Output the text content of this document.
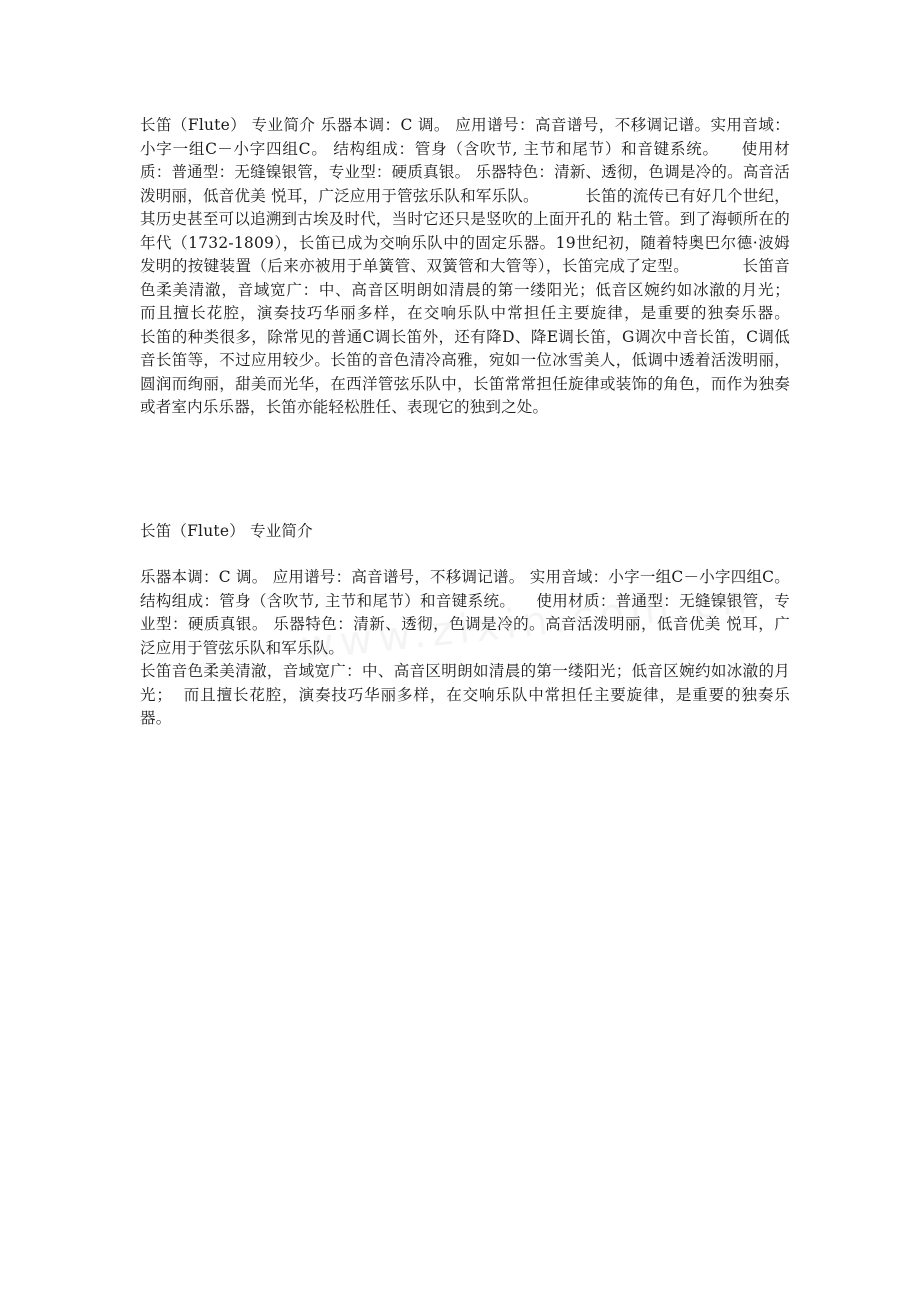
长笛（Flute） 专业简介 乐器本调：C 调。 应用谱号：高音谱号，不移调记谱。实用音域：小字一组C－小字四组C。 结构组成：管身（含吹节, 主节和尾节）和音键系统。    使用材质：普通型：无缝镍银管，专业型：硬质真银。 乐器特色：清新、透彻，色调是冷的。高音活泼明丽，低音优美 悦耳，广泛应用于管弦乐队和军乐队。         长笛的流传已有好几个世纪，其历史甚至可以追溯到古埃及时代，当时它还只是竖吹的上面开孔的 粘土管。到了海顿所在的年代（1732-1809），长笛已成为交响乐队中的固定乐器。19世纪初，随着特奥巴尔德·波姆发明的按键装置（后来亦被用于单簧管、双簧管和大管等），长笛完成了定型。          长笛音色柔美清澈，音域宽广：中、高音区明朗如清晨的第一缕阳光；低音区婉约如冰澈的月光；  而且擅长花腔，演奏技巧华丽多样，在交响乐队中常担任主要旋律，是重要的独奏乐器。          长笛的种类很多，除常见的普通C调长笛外，还有降D、降E调长笛，G调次中音长笛，C调低音长笛等，不过应用较少。长笛的音色清冷高雅，宛如一位冰雪美人，低调中透着活泼明丽，圆润而绚丽，甜美而光华，在西洋管弦乐队中，长笛常常担任旋律或装饰的角色，而作为独奏或者室内乐乐器，长笛亦能轻松胜任、表现它的独到之处。
长笛（Flute） 专业简介
乐器本调：C 调。 应用谱号：高音谱号，不移调记谱。 实用音域：小字一组C－小字四组C。 结构组成：管身（含吹节, 主节和尾节）和音键系统。    使用材质：普通型：无缝镍银管，专业型：硬质真银。 乐器特色：清新、透彻，色调是冷的。高音活泼明丽，低音优美 悦耳，广泛应用于管弦乐队和军乐队。
长笛音色柔美清澈，音域宽广：中、高音区明朗如清晨的第一缕阳光；低音区婉约如冰澈的月光；  而且擅长花腔，演奏技巧华丽多样，在交响乐队中常担任主要旋律，是重要的独奏乐器。
